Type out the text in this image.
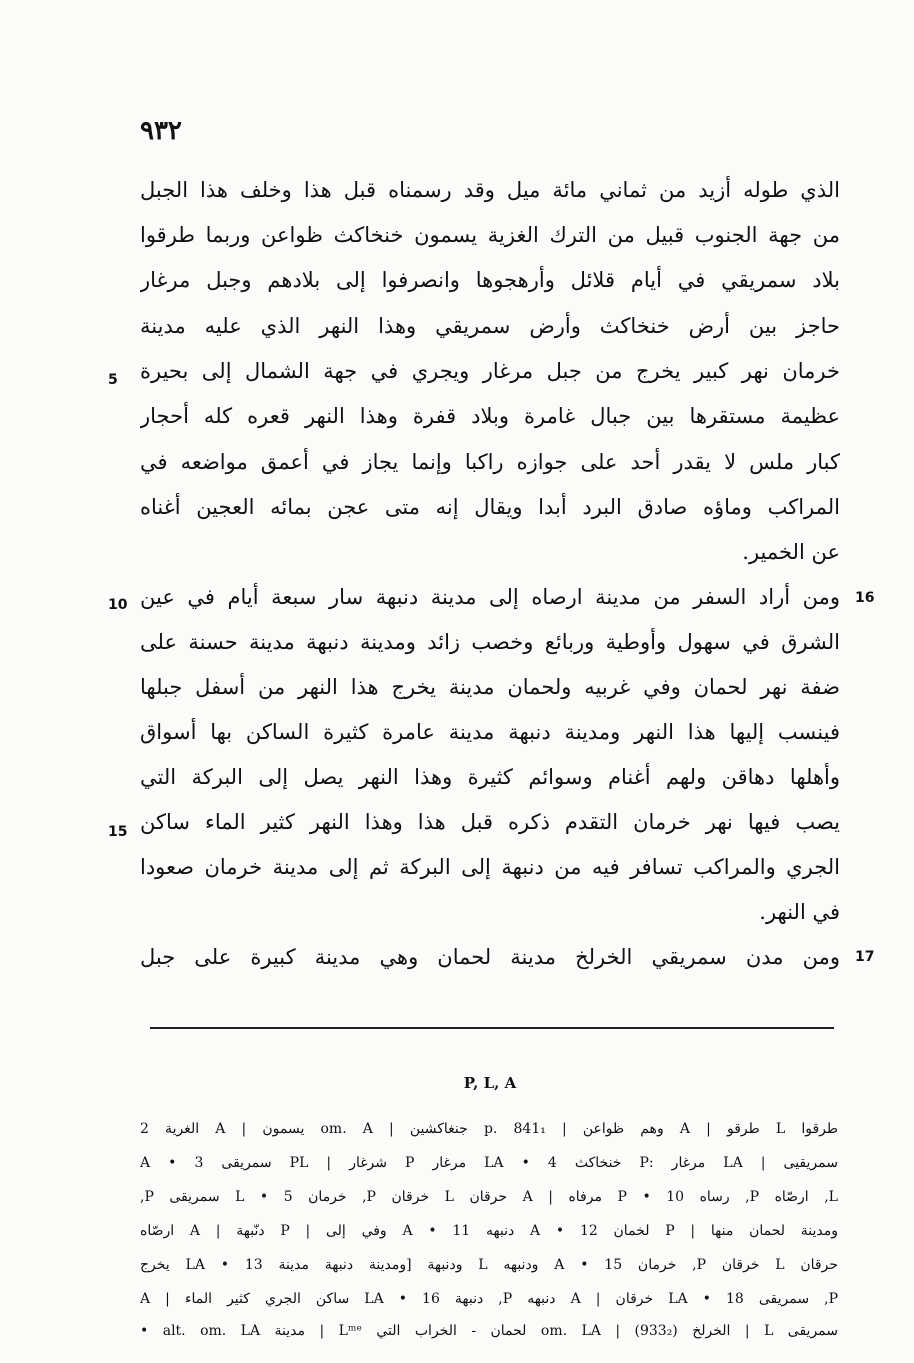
٩٣٢
الذي طوله أزيد من ثماني مائة ميل وقد رسمناه قبل هذا وخلف هذا الجبل
من جهة الجنوب قبيل من الترك الغزية يسمون خنخاكث ظواعن وربما طرقوا
بلاد سمريقي في أيام قلائل وأرهجوها وانصرفوا إلى بلادهم وجبل مرغار
حاجز بين أرض خنخاكث وأرض سمريقي وهذا النهر الذي عليه مدينة
خرمان نهر كبير يخرج من جبل مرغار ويجري في جهة الشمال إلى بحيرة
عظيمة مستقرها بين جبال غامرة وبلاد قفرة وهذا النهر قعره كله أحجار
كبار ملس لا يقدر أحد على جوازه راكبا وإنما يجاز في أعمق مواضعه في
المراكب وماؤه صادق البرد أبدا ويقال إنه متى عجن بمائه العجين أغناه
عن الخمير.
ومن أراد السفر من مدينة ارصاه إلى مدينة دنبهة سار سبعة أيام في عين
الشرق في سهول وأوطية وربائع وخصب زائد ومدينة دنبهة مدينة حسنة على
ضفة نهر لحمان وفي غربيه ولحمان مدينة يخرج هذا النهر من أسفل جبلها
فينسب إليها هذا النهر ومدينة دنبهة مدينة عامرة كثيرة الساكن بها أسواق
وأهلها دهاقن ولهم أغنام وسوائم كثيرة وهذا النهر يصل إلى البركة التي
يصب فيها نهر خرمان التقدم ذكره قبل هذا وهذا النهر كثير الماء ساكن
الجري والمراكب تسافر فيه من دنبهة إلى البركة ثم إلى مدينة خرمان صعودا
في النهر.
ومن مدن سمريقي الخرلخ مدينة لحمان وهي مدينة كبيرة على جبل
5
10
15
16
17
P, L, A
طرقوا L طرقو | A وهم ظواعن | p. 841₁ جنغاكشين | om. A يسمون | A الغرية 2
سمريقيى | LA مرغار :P خنخاكث 4 • LA مرغار P شرغار | PL سمريقى 3 • A
L, ارصّاه P, رساه 10 • P مرفاه | A حرقان L خرقان P, خرمان 5 • L سمريقى P,
ومدينة لحمان منها | P لخمان 12 • A دنبهه 11 • A وفي إلى | P دنّبهة | A ارصّاه
حرقان L خرقان P, خرمان 15 • A ودنبهه L ودنبهة [ومدينة دنبهة مدينة 13 • LA يخرج
P, سمريقى 18 • LA خرقان | A دنبهه P, دنبهة 16 • LA ساكن الجري كثير الماء | A
سمريقى L | الخرلخ om. LA | (933₂) لحمان - الخراب التي Lᵐᵉ | مدينة alt. om. LA •
